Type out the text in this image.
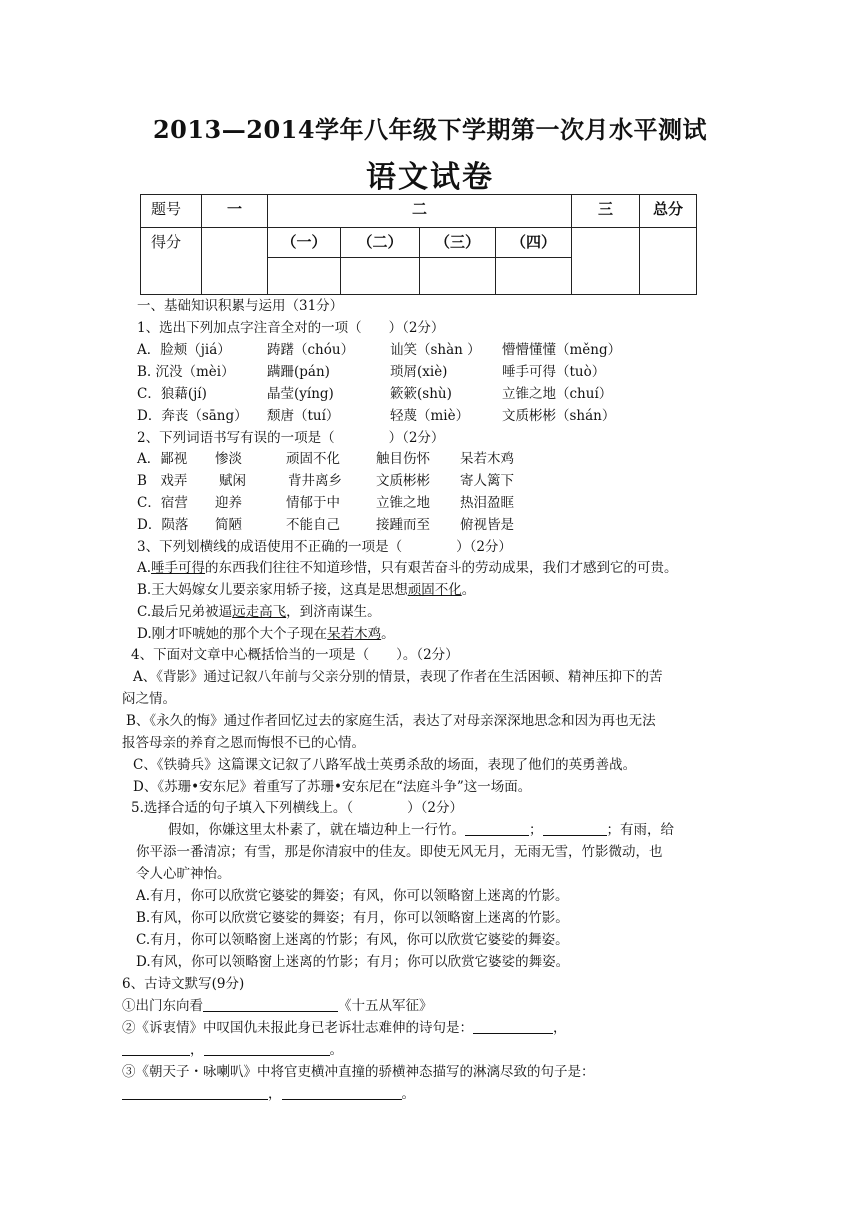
2013—2014学年八年级下学期第一次月水平测试
语文试卷
题号	一	二				三	总分

得分		（一）	（二）	（三）	（四）		

一、基础知识积累与运用（31分）
1、选出下列加点字注音全对的一项（　　）（2分）
A．脸颊（jiá）	踌躇（chóu）	讪笑（shàn ） 懵懵懂懂（měng）
B. 沉没（mèi） 蹒跚(pán)	琐屑(xiè)	唾手可得（tuò）
C．狼藉(jí)	晶莹(yíng)	簌簌(shù)	立锥之地（chuí）
D．奔丧（sāng） 颓唐（tuí）	轻蔑（miè） 文质彬彬（shán）
2、下列词语书写有误的一项是（　　　　）（2分）
A．鄙视 惨淡	顽固不化	触目伤怀 呆若木鸡
B　戏弄 赋闲	背井离乡	文质彬彬 寄人篱下
C．宿营 迎养	情郁于中	立锥之地 热泪盈眶
D．陨落 简陋	不能自己	接踵而至 俯视皆是
3、下列划横线的成语使用不正确的一项是（　　　　）（2分）
A.唾手可得的东西我们往往不知道珍惜，只有艰苦奋斗的劳动成果，我们才感到它的可贵。
B.王大妈嫁女儿要亲家用轿子接，这真是思想顽固不化。
C.最后兄弟被逼远走高飞，到济南谋生。
D.刚才吓唬她的那个大个子现在呆若木鸡。
4、下面对文章中心概括恰当的一项是（　　）。（2分）
A、《背影》通过记叙八年前与父亲分别的情景，表现了作者在生活困顿、精神压抑下的苦
闷之情。
B、《永久的悔》通过作者回忆过去的家庭生活，表达了对母亲深深地思念和因为再也无法
报答母亲的养育之恩而悔恨不已的心情。
C、《铁骑兵》这篇课文记叙了八路军战士英勇杀敌的场面，表现了他们的英勇善战。
D、《苏珊•安东尼》着重写了苏珊•安东尼在“法庭斗争”这一场面。
5.选择合适的句子填入下列横线上。（　　　　）（2分）
假如，你嫌这里太朴素了，就在墙边种上一行竹。	；	；有雨，给
你平添一番清凉；有雪，那是你清寂中的佳友。即使无风无月，无雨无雪，竹影微动，也
令人心旷神怡。
A.有月，你可以欣赏它婆娑的舞姿；有风，你可以领略窗上迷离的竹影。
B.有风，你可以欣赏它婆娑的舞姿；有月，你可以领略窗上迷离的竹影。
C.有月，你可以领略窗上迷离的竹影；有风，你可以欣赏它婆娑的舞姿。
D.有风，你可以领略窗上迷离的竹影；有月；你可以欣赏它婆娑的舞姿。
6、古诗文默写(9分)
①出门东向看	《十五从军征》
②《诉衷情》中叹国仇未报此身已老诉壮志难伸的诗句是：	，
，	。
③《朝天子・咏喇叭》中将官吏横冲直撞的骄横神态描写的淋漓尽致的句子是：
，	。
